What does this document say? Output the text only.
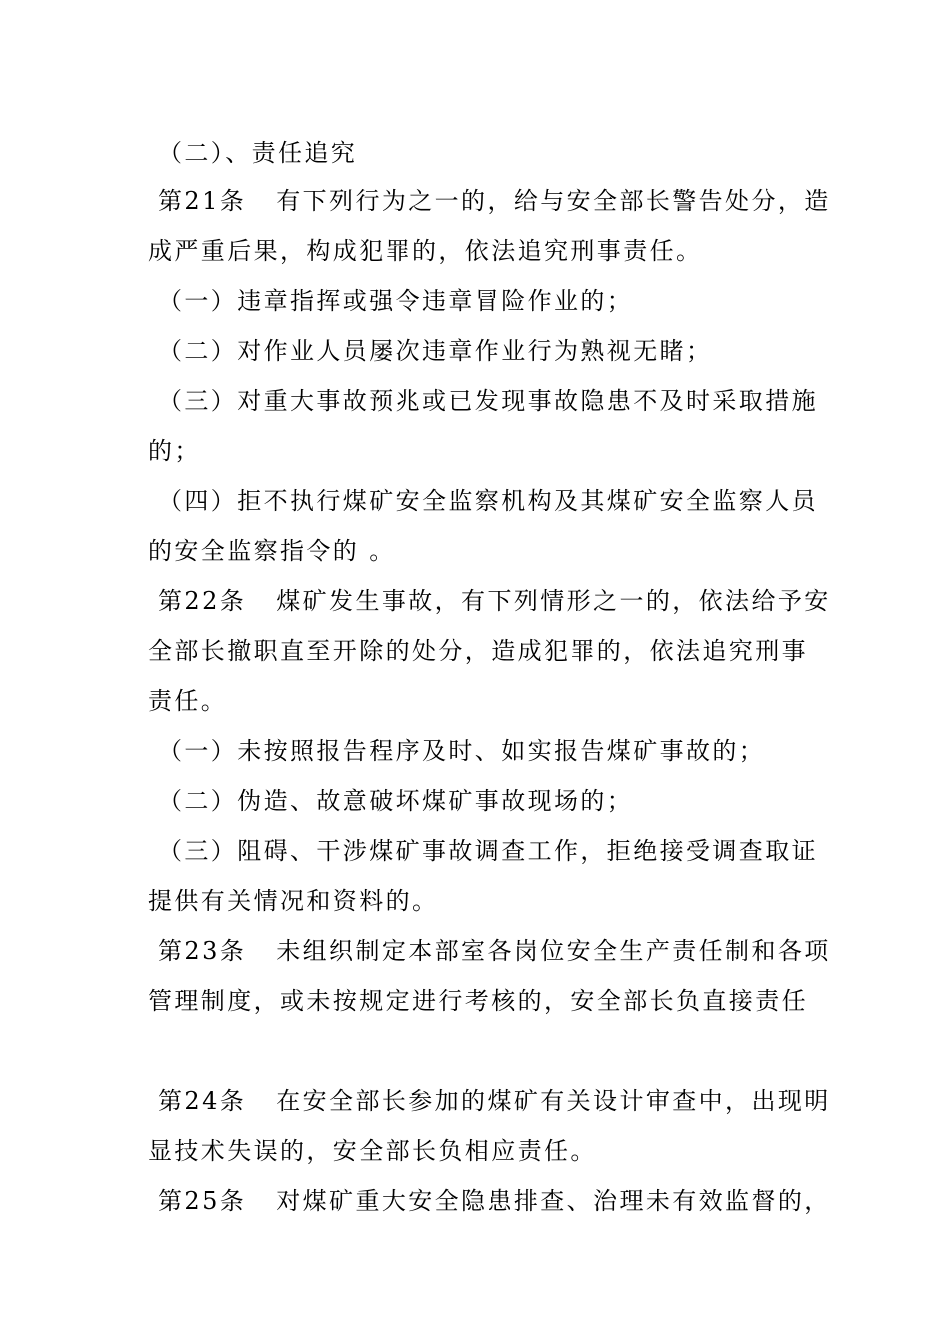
（二）、责任追究
第21条   有下列行为之一的，给与安全部长警告处分，造
成严重后果，构成犯罪的，依法追究刑事责任。
（一）违章指挥或强令违章冒险作业的；
（二）对作业人员屡次违章作业行为熟视无睹；
（三）对重大事故预兆或已发现事故隐患不及时采取措施
的；
（四）拒不执行煤矿安全监察机构及其煤矿安全监察人员
的安全监察指令的 。
第22条   煤矿发生事故，有下列情形之一的，依法给予安
全部长撤职直至开除的处分，造成犯罪的，依法追究刑事
责任。
（一）未按照报告程序及时、如实报告煤矿事故的；
（二）伪造、故意破坏煤矿事故现场的；
（三）阻碍、干涉煤矿事故调查工作，拒绝接受调查取证
提供有关情况和资料的。
第23条   未组织制定本部室各岗位安全生产责任制和各项
管理制度，或未按规定进行考核的，安全部长负直接责任
第24条   在安全部长参加的煤矿有关设计审查中，出现明
显技术失误的，安全部长负相应责任。
第25条   对煤矿重大安全隐患排查、治理未有效监督的，
